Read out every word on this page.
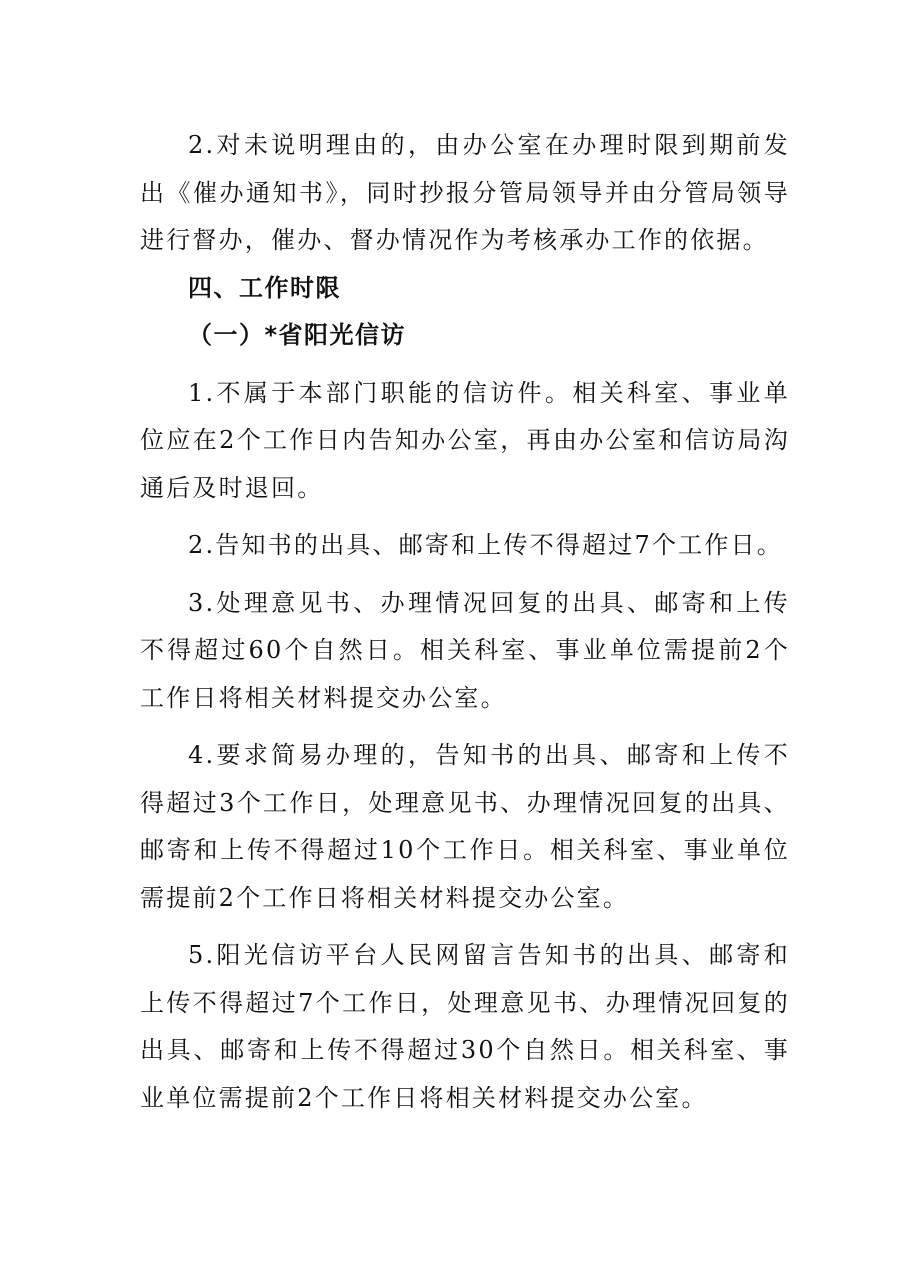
2.对未说明理由的，由办公室在办理时限到期前发出《催办通知书》，同时抄报分管局领导并由分管局领导进行督办，催办、督办情况作为考核承办工作的依据。

四、工作时限

（一）*省阳光信访

1.不属于本部门职能的信访件。相关科室、事业单位应在2个工作日内告知办公室，再由办公室和信访局沟通后及时退回。

2.告知书的出具、邮寄和上传不得超过7个工作日。

3.处理意见书、办理情况回复的出具、邮寄和上传不得超过60个自然日。相关科室、事业单位需提前2个工作日将相关材料提交办公室。

4.要求简易办理的，告知书的出具、邮寄和上传不得超过3个工作日，处理意见书、办理情况回复的出具、邮寄和上传不得超过10个工作日。相关科室、事业单位需提前2个工作日将相关材料提交办公室。

5.阳光信访平台人民网留言告知书的出具、邮寄和上传不得超过7个工作日，处理意见书、办理情况回复的出具、邮寄和上传不得超过30个自然日。相关科室、事业单位需提前2个工作日将相关材料提交办公室。
